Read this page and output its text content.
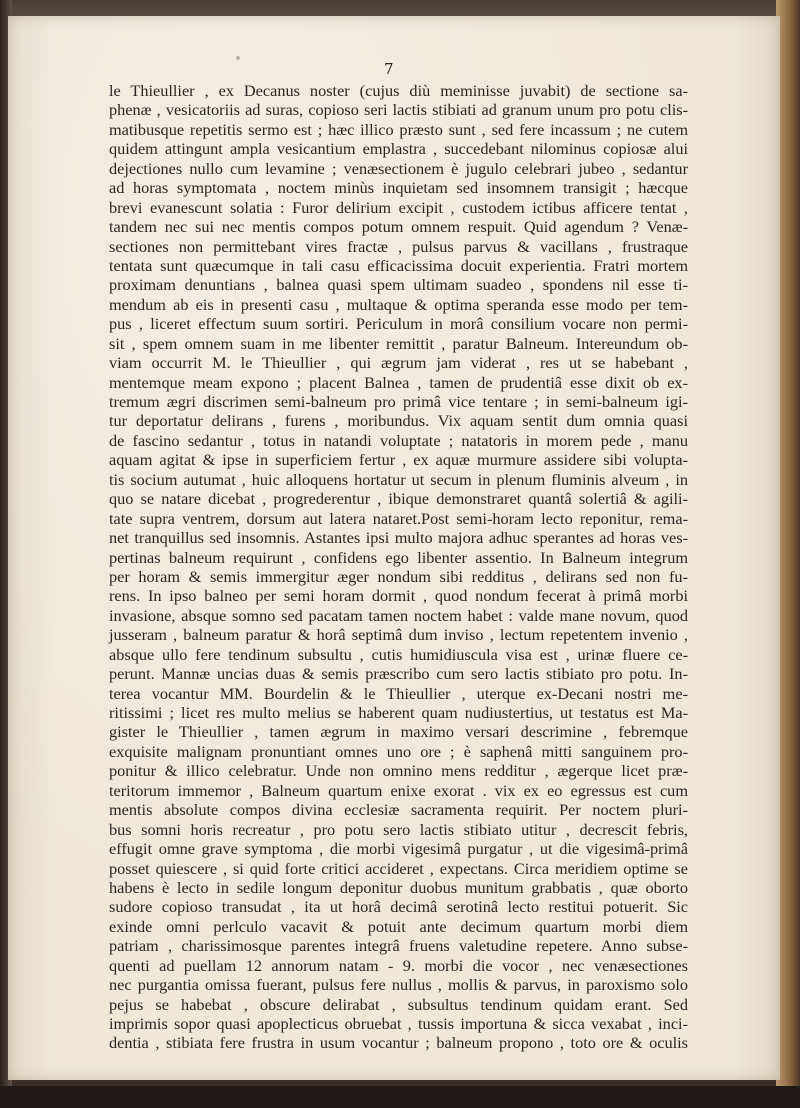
7
le Thieullier , ex Decanus noster (cujus diù meminisse juvabit) de sectione sa-
phenæ , vesicatoriis ad suras, copioso seri lactis stibiati ad granum unum pro potu clis-
matibusque repetitis sermo est ; hæc illico præsto sunt , sed fere incassum ; ne cutem
quidem attingunt ampla vesicantium emplastra , succedebant nilominus copiosæ alui
dejectiones nullo cum levamine ; venæsectionem è jugulo celebrari jubeo , sedantur
ad horas symptomata , noctem minùs inquietam sed insomnem transigit ; hæcque
brevi evanescunt solatia : Furor delirium excipit , custodem ictibus afficere tentat ,
tandem nec sui nec mentis compos potum omnem respuit. Quid agendum ? Venæ-
sectiones non permittebant vires fractæ , pulsus parvus & vacillans , frustraque
tentata sunt quæcumque in tali casu efficacissima docuit experientia. Fratri mortem
proximam denuntians , balnea quasi spem ultimam suadeo , spondens nil esse ti-
mendum ab eis in presenti casu , multaque & optima speranda esse modo per tem-
pus , liceret effectum suum sortiri. Periculum in morâ consilium vocare non permi-
sit , spem omnem suam in me libenter remittit , paratur Balneum. Intereundum ob-
viam occurrit M. le Thieullier , qui ægrum jam viderat , res ut se habebant ,
mentemque meam expono ; placent Balnea , tamen de prudentiâ esse dixit ob ex-
tremum ægri discrimen semi-balneum pro primâ vice tentare ; in semi-balneum igi-
tur deportatur delirans , furens , moribundus. Vix aquam sentit dum omnia quasi
de fascino sedantur , totus in natandi voluptate ; natatoris in morem pede , manu
aquam agitat & ipse in superficiem fertur , ex aquæ murmure assidere sibi volupta-
tis socium autumat , huic alloquens hortatur ut secum in plenum fluminis alveum , in
quo se natare dicebat , progrederentur , ibique demonstraret quantâ solertiâ & agili-
tate supra ventrem, dorsum aut latera nataret.Post semi-horam lecto reponitur, rema-
net tranquillus sed insomnis. Astantes ipsi multo majora adhuc sperantes ad horas ves-
pertinas balneum requirunt , confidens ego libenter assentio. In Balneum integrum
per horam & semis immergitur æger nondum sibi redditus , delirans sed non fu-
rens. In ipso balneo per semi horam dormit , quod nondum fecerat à primâ morbi
invasione, absque somno sed pacatam tamen noctem habet : valde mane novum, quod
jusseram , balneum paratur & horâ septimâ dum inviso , lectum repetentem invenio ,
absque ullo fere tendinum subsultu , cutis humidiuscula visa est , urinæ fluere ce-
perunt. Mannæ uncias duas & semis præscribo cum sero lactis stibiato pro potu. In-
terea vocantur MM. Bourdelin & le Thieullier , uterque ex-Decani nostri me-
ritissimi ; licet res multo melius se haberent quam nudiustertius, ut testatus est Ma-
gister le Thieullier , tamen ægrum in maximo versari descrimine , febremque
exquisite malignam pronuntiant omnes uno ore ; è saphenâ mitti sanguinem pro-
ponitur & illico celebratur. Unde non omnino mens redditur , ægerque licet præ-
teritorum immemor , Balneum quartum enixe exorat . vix ex eo egressus est cum
mentis absolute compos divina ecclesiæ sacramenta requirit. Per noctem pluri-
bus somni horis recreatur , pro potu sero lactis stibiato utitur , decrescit febris,
effugit omne grave symptoma , die morbi vigesimâ purgatur , ut die vigesimâ-primâ
posset quiescere , si quid forte critici accideret , expectans. Circa meridiem optime se
habens è lecto in sedile longum deponitur duobus munitum grabbatis , quæ oborto
sudore copioso transudat , ita ut horâ decimâ serotinâ lecto restitui potuerit. Sic
exinde omni perlculo vacavit & potuit ante decimum quartum morbi diem
patriam , charissimosque parentes integrâ fruens valetudine repetere. Anno subse-
quenti ad puellam 12 annorum natam - 9. morbi die vocor , nec venæsectiones
nec purgantia omissa fuerant, pulsus fere nullus , mollis & parvus, in paroxismo solo
pejus se habebat , obscure delirabat , subsultus tendinum quidam erant. Sed
imprimis sopor quasi apoplecticus obruebat , tussis importuna & sicca vexabat , inci-
dentia , stibiata fere frustra in usum vocantur ; balneum propono , toto ore & oculis
